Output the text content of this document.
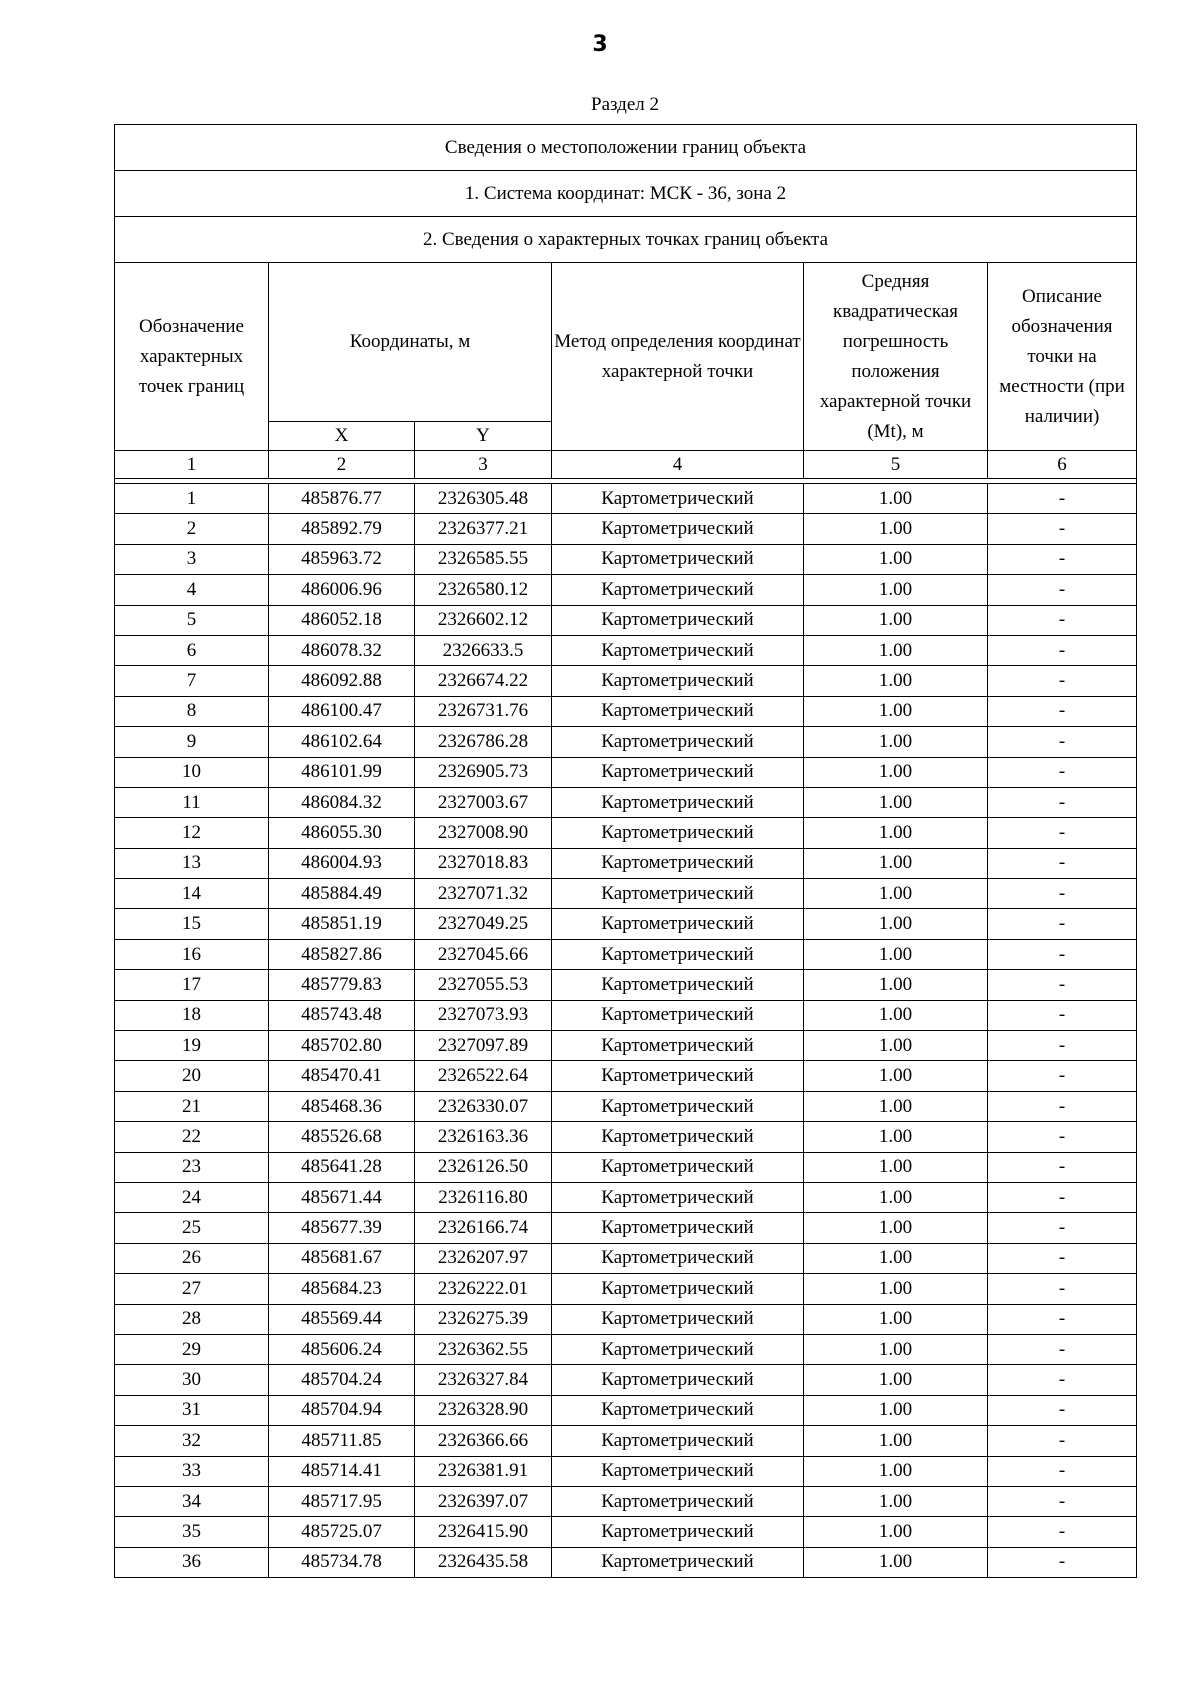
3
Раздел 2
Сведения о местоположении границ объекта					
1. Система координат: МСК - 36, зона 2					
2. Сведения о характерных точках границ объекта					
Обозначение характерных точек границ	Координаты, м		Метод определения координат характерной точки	Средняя квадратическая погрешность положения характерной точки (Mt), м	Описание обозначения точки на местности (при наличии)
	X	Y			
1	2	3	4	5	6

1	485876.77	2326305.48	Картометрический	1.00	-
2	485892.79	2326377.21	Картометрический	1.00	-
3	485963.72	2326585.55	Картометрический	1.00	-
4	486006.96	2326580.12	Картометрический	1.00	-
5	486052.18	2326602.12	Картометрический	1.00	-
6	486078.32	2326633.5	Картометрический	1.00	-
7	486092.88	2326674.22	Картометрический	1.00	-
8	486100.47	2326731.76	Картометрический	1.00	-
9	486102.64	2326786.28	Картометрический	1.00	-
10	486101.99	2326905.73	Картометрический	1.00	-
11	486084.32	2327003.67	Картометрический	1.00	-
12	486055.30	2327008.90	Картометрический	1.00	-
13	486004.93	2327018.83	Картометрический	1.00	-
14	485884.49	2327071.32	Картометрический	1.00	-
15	485851.19	2327049.25	Картометрический	1.00	-
16	485827.86	2327045.66	Картометрический	1.00	-
17	485779.83	2327055.53	Картометрический	1.00	-
18	485743.48	2327073.93	Картометрический	1.00	-
19	485702.80	2327097.89	Картометрический	1.00	-
20	485470.41	2326522.64	Картометрический	1.00	-
21	485468.36	2326330.07	Картометрический	1.00	-
22	485526.68	2326163.36	Картометрический	1.00	-
23	485641.28	2326126.50	Картометрический	1.00	-
24	485671.44	2326116.80	Картометрический	1.00	-
25	485677.39	2326166.74	Картометрический	1.00	-
26	485681.67	2326207.97	Картометрический	1.00	-
27	485684.23	2326222.01	Картометрический	1.00	-
28	485569.44	2326275.39	Картометрический	1.00	-
29	485606.24	2326362.55	Картометрический	1.00	-
30	485704.24	2326327.84	Картометрический	1.00	-
31	485704.94	2326328.90	Картометрический	1.00	-
32	485711.85	2326366.66	Картометрический	1.00	-
33	485714.41	2326381.91	Картометрический	1.00	-
34	485717.95	2326397.07	Картометрический	1.00	-
35	485725.07	2326415.90	Картометрический	1.00	-
36	485734.78	2326435.58	Картометрический	1.00	-
